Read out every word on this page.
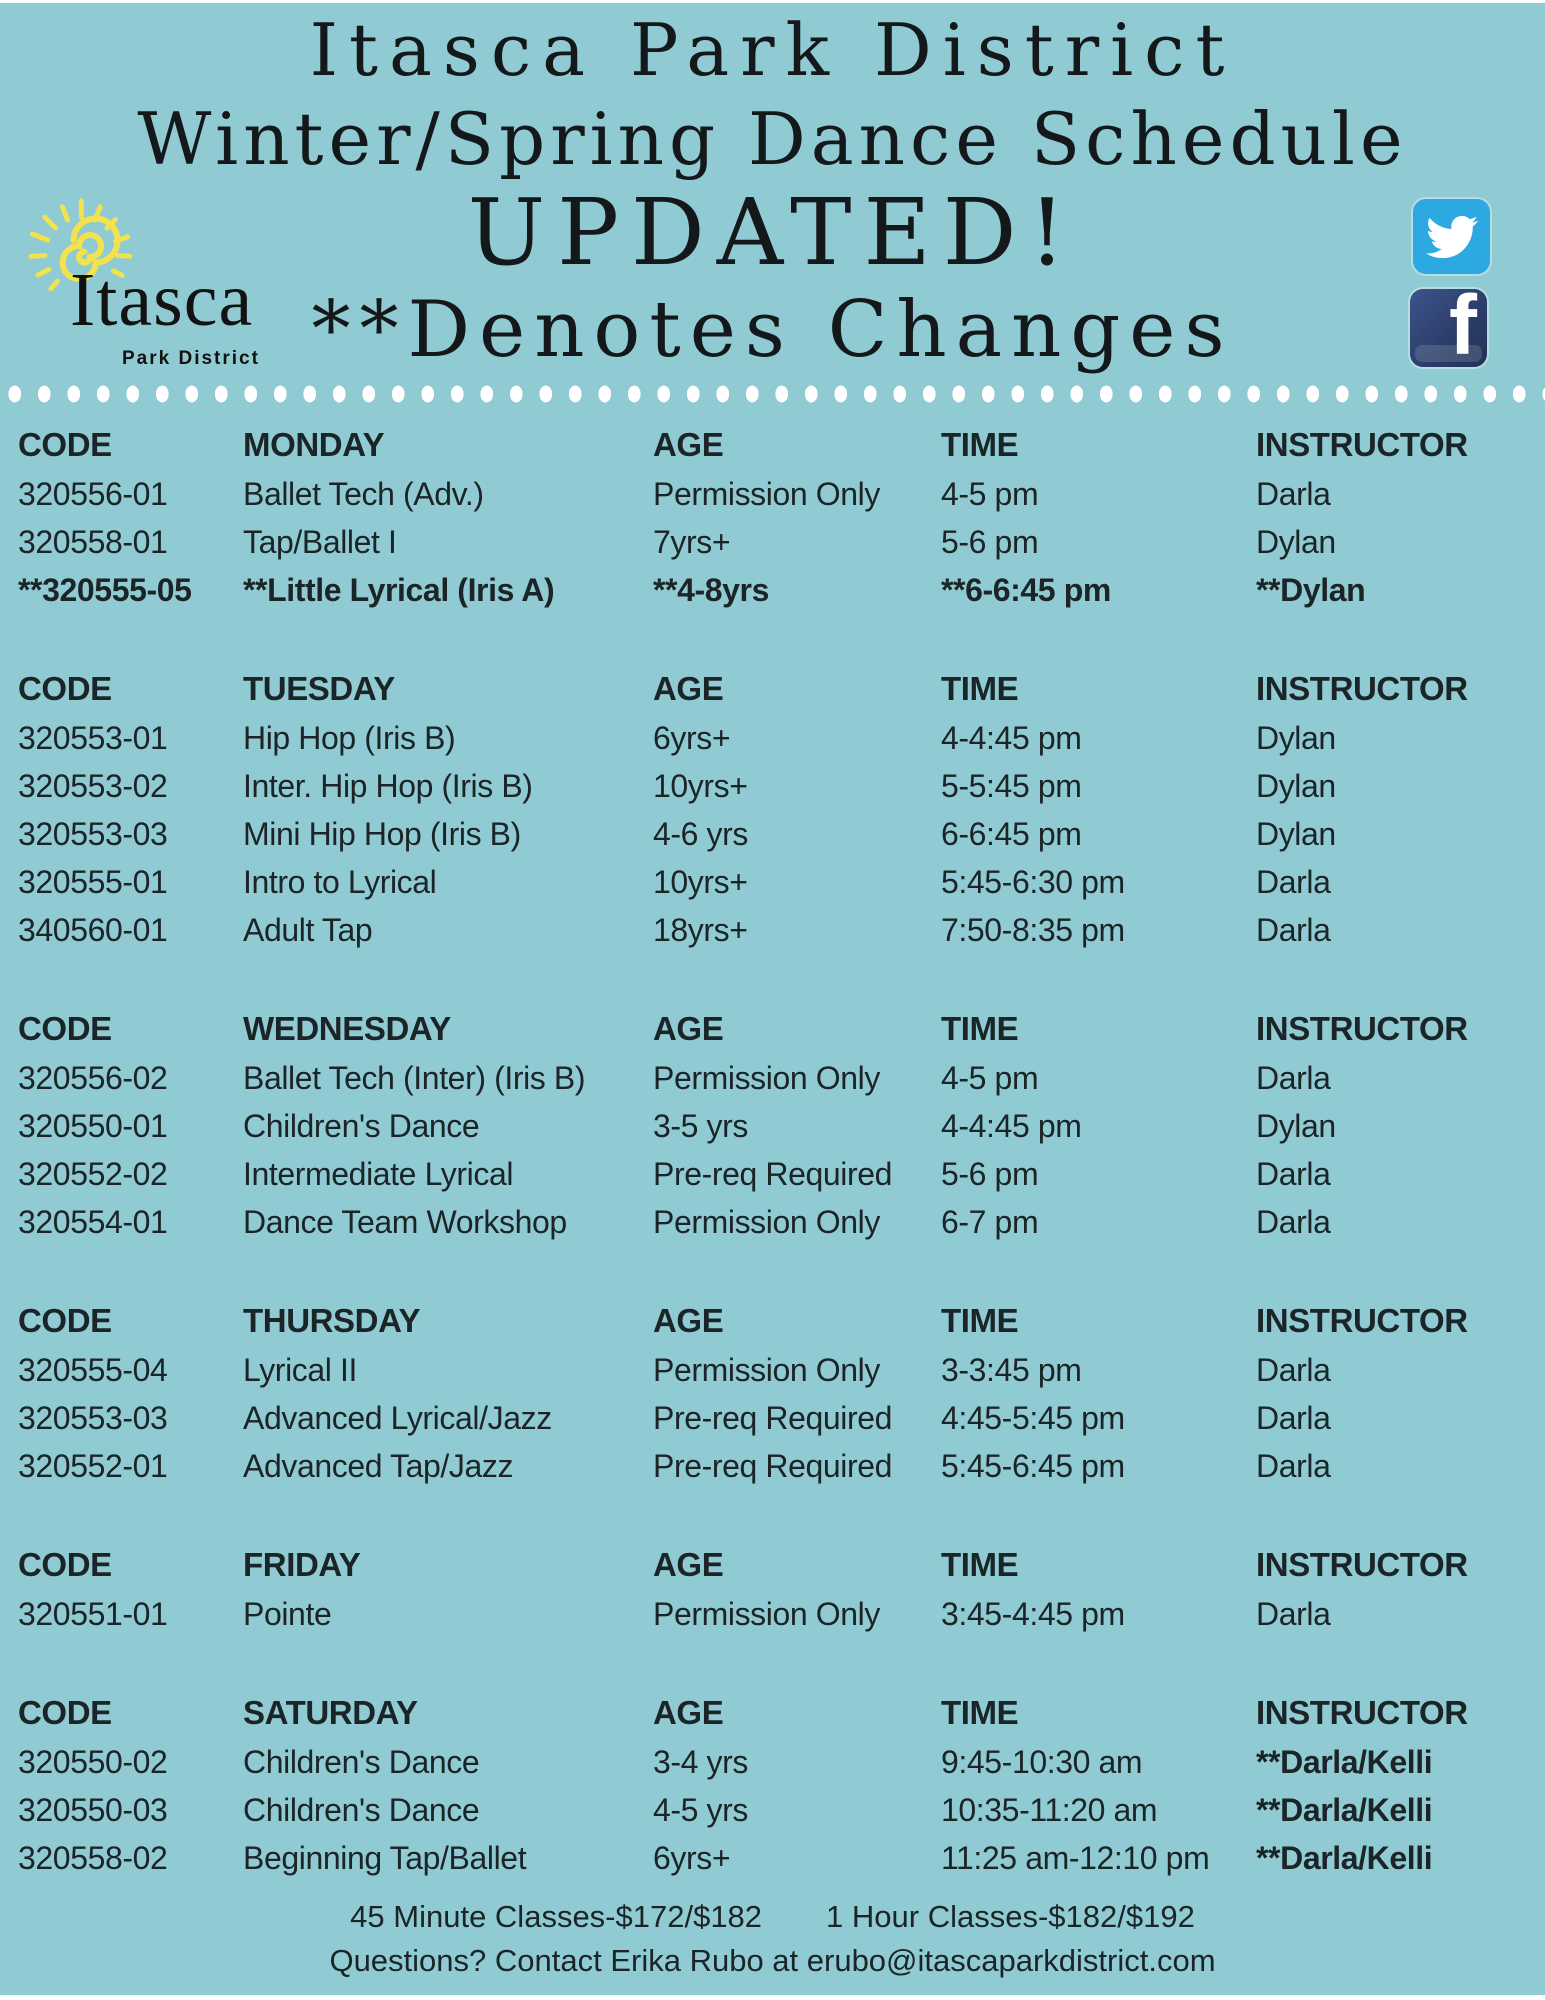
Itasca Park District
Winter/Spring Dance Schedule
UPDATED!
**Denotes Changes
Itasca
Park District	f
CODE	MONDAY	AGE	TIME	INSTRUCTOR
320556-01	Ballet Tech (Adv.)	Permission Only	4-5 pm	Darla
320558-01	Tap/Ballet I	7yrs+	5-6 pm	Dylan
**320555-05	**Little Lyrical (Iris A)	**4-8yrs	**6-6:45 pm	**Dylan
CODE	TUESDAY	AGE	TIME	INSTRUCTOR
320553-01	Hip Hop (Iris B)	6yrs+	4-4:45 pm	Dylan
320553-02	Inter. Hip Hop (Iris B)	10yrs+	5-5:45 pm	Dylan
320553-03	Mini Hip Hop (Iris B)	4-6 yrs	6-6:45 pm	Dylan
320555-01	Intro to Lyrical	10yrs+	5:45-6:30 pm	Darla
340560-01	Adult Tap	18yrs+	7:50-8:35 pm	Darla
CODE	WEDNESDAY	AGE	TIME	INSTRUCTOR
320556-02	Ballet Tech (Inter) (Iris B)	Permission Only	4-5 pm	Darla
320550-01	Children's Dance	3-5 yrs	4-4:45 pm	Dylan
320552-02	Intermediate Lyrical	Pre-req Required	5-6 pm	Darla
320554-01	Dance Team Workshop	Permission Only	6-7 pm	Darla
CODE	THURSDAY	AGE	TIME	INSTRUCTOR
320555-04	Lyrical II	Permission Only	3-3:45 pm	Darla
320553-03	Advanced Lyrical/Jazz	Pre-req Required	4:45-5:45 pm	Darla
320552-01	Advanced Tap/Jazz	Pre-req Required	5:45-6:45 pm	Darla
CODE	FRIDAY	AGE	TIME	INSTRUCTOR
320551-01	Pointe	Permission Only	3:45-4:45 pm	Darla
CODE	SATURDAY	AGE	TIME	INSTRUCTOR
320550-02	Children's Dance	3-4 yrs	9:45-10:30 am	**Darla/Kelli
320550-03	Children's Dance	4-5 yrs	10:35-11:20 am	**Darla/Kelli
320558-02	Beginning Tap/Ballet	6yrs+	11:25 am-12:10 pm	**Darla/Kelli
45 Minute Classes-$172/$182 1 Hour Classes-$182/$192
Questions? Contact Erika Rubo at erubo@itascaparkdistrict.com
